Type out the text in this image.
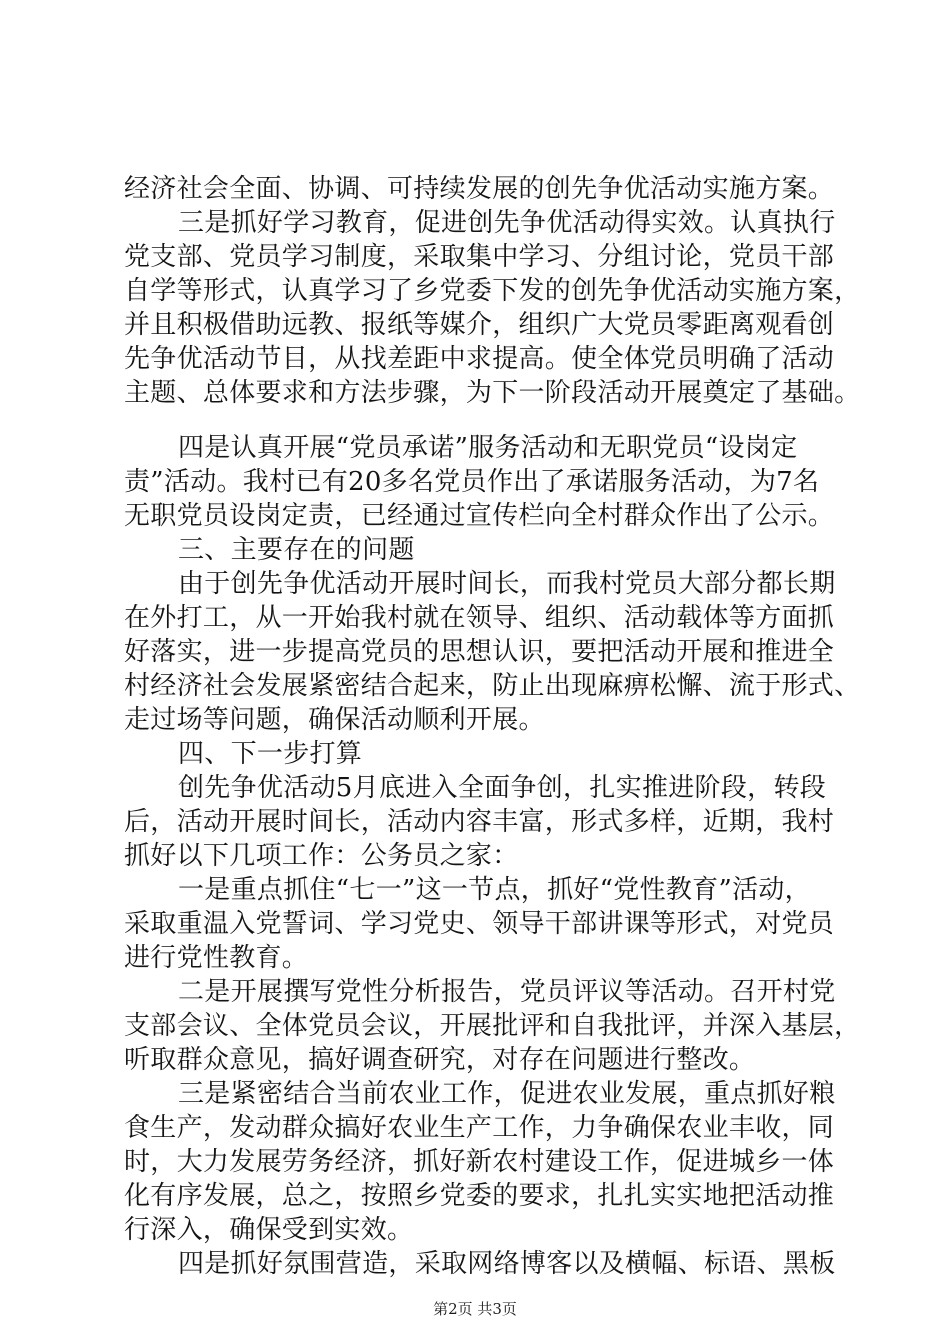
经济社会全面、协调、可持续发展的创先争优活动实施方案。
三是抓好学习教育，促进创先争优活动得实效。认真执行
党支部、党员学习制度，采取集中学习、分组讨论，党员干部
自学等形式，认真学习了乡党委下发的创先争优活动实施方案，
并且积极借助远教、报纸等媒介，组织广大党员零距离观看创
先争优活动节目，从找差距中求提高。使全体党员明确了活动
主题、总体要求和方法步骤，为下一阶段活动开展奠定了基础。
四是认真开展“党员承诺”服务活动和无职党员“设岗定
责”活动。我村已有20多名党员作出了承诺服务活动，为7名
无职党员设岗定责，已经通过宣传栏向全村群众作出了公示。
三、主要存在的问题
由于创先争优活动开展时间长，而我村党员大部分都长期
在外打工，从一开始我村就在领导、组织、活动载体等方面抓
好落实，进一步提高党员的思想认识，要把活动开展和推进全
村经济社会发展紧密结合起来，防止出现麻痹松懈、流于形式、
走过场等问题，确保活动顺利开展。
四、下一步打算
创先争优活动5月底进入全面争创，扎实推进阶段，转段
后，活动开展时间长，活动内容丰富，形式多样，近期，我村
抓好以下几项工作：公务员之家：
一是重点抓住“七一”这一节点，抓好“党性教育”活动，
采取重温入党誓词、学习党史、领导干部讲课等形式，对党员
进行党性教育。
二是开展撰写党性分析报告，党员评议等活动。召开村党
支部会议、全体党员会议，开展批评和自我批评，并深入基层，
听取群众意见，搞好调查研究，对存在问题进行整改。
三是紧密结合当前农业工作，促进农业发展，重点抓好粮
食生产，发动群众搞好农业生产工作，力争确保农业丰收，同
时，大力发展劳务经济，抓好新农村建设工作，促进城乡一体
化有序发展，总之，按照乡党委的要求，扎扎实实地把活动推
行深入，确保受到实效。
四是抓好氛围营造，采取网络博客以及横幅、标语、黑板
第2页 共3页
